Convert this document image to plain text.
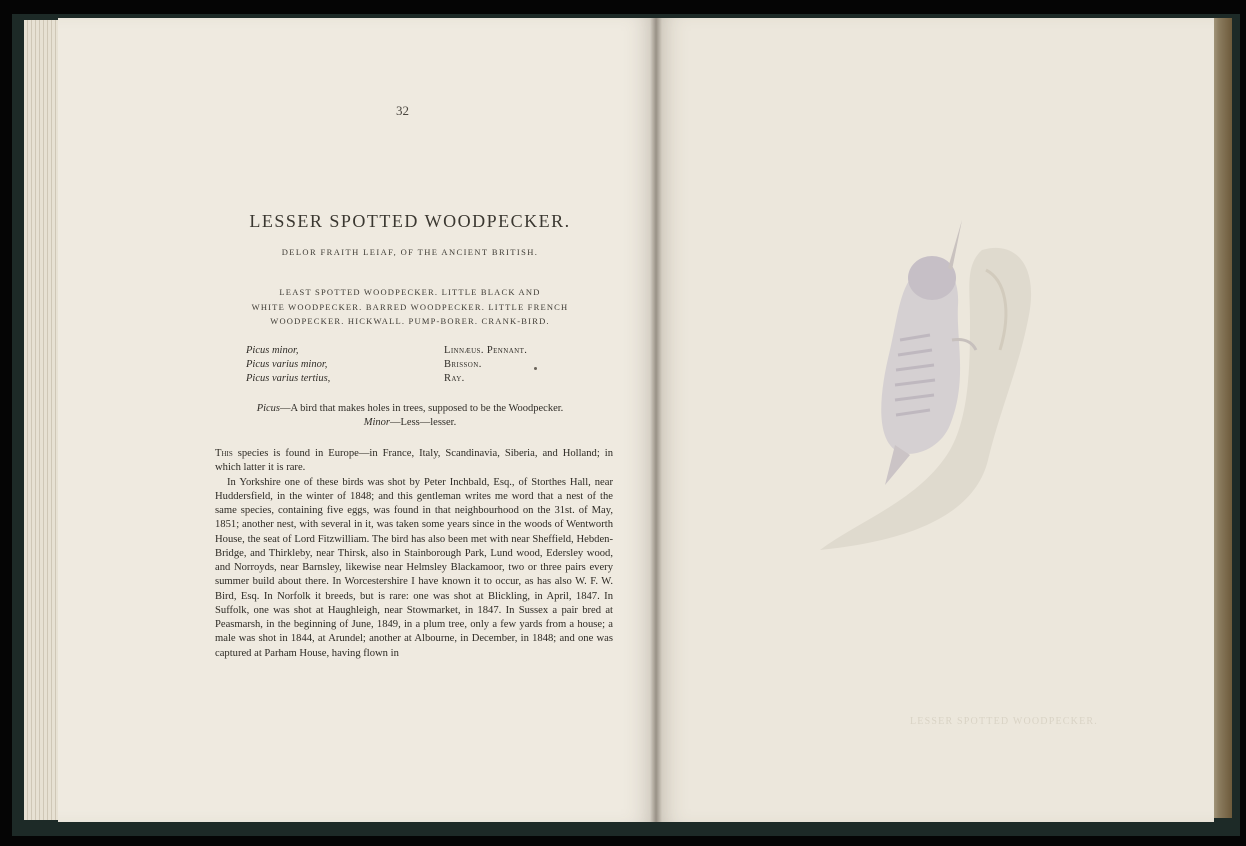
32
LESSER SPOTTED WOODPECKER.
DELOR FRAITH LEIAF, OF THE ANCIENT BRITISH.
LEAST SPOTTED WOODPECKER. LITTLE BLACK AND
WHITE WOODPECKER. BARRED WOODPECKER. LITTLE FRENCH
WOODPECKER. HICKWALL. PUMP-BORER. CRANK-BIRD.
Picus minor,	Linnæus. Pennant.
Picus varius minor,	Brisson.
Picus varius tertius,	Ray.
Picus—A bird that makes holes in trees, supposed to be the Woodpecker.
Minor—Less—lesser.

This species is found in Europe—in France, Italy, Scandinavia, Siberia, and Holland; in which latter it is rare.

In Yorkshire one of these birds was shot by Peter Inchbald, Esq., of Storthes Hall, near Huddersfield, in the winter of 1848; and this gentleman writes me word that a nest of the same species, containing five eggs, was found in that neighbourhood on the 31st. of May, 1851; another nest, with several in it, was taken some years since in the woods of Wentworth House, the seat of Lord Fitzwilliam. The bird has also been met with near Sheffield, Hebden-Bridge, and Thirkleby, near Thirsk, also in Stainborough Park, Lund wood, Edersley wood, and Norroyds, near Barnsley, likewise near Helmsley Blackamoor, two or three pairs every summer build about there. In Worcestershire I have known it to occur, as has also W. F. W. Bird, Esq. In Norfolk it breeds, but is rare: one was shot at Blickling, in April, 1847. In Suffolk, one was shot at Haughleigh, near Stowmarket, in 1847. In Sussex a pair bred at Peasmarsh, in the beginning of June, 1849, in a plum tree, only a few yards from a house; a male was shot in 1844, at Arundel; another at Albourne, in December, in 1848; and one was captured at Parham House, having flown in

LESSER SPOTTED WOODPECKER.
